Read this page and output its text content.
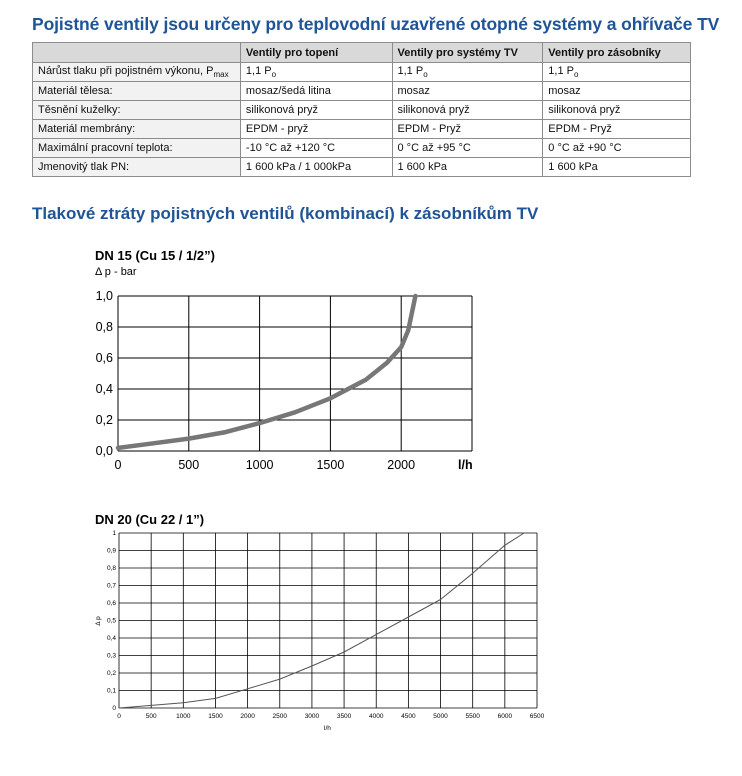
Pojistné ventily jsou určeny pro teplovodní uzavřené otopné systémy a ohřívače TV
	Ventily pro topení	Ventily pro systémy TV	Ventily pro zásobníky
Nárůst tlaku při pojistném výkonu, $P_{max}$	1,1 $P_o$	1,1 $P_o$	1,1 $P_o$
Materiál tělesa:	mosaz/šedá litina	mosaz	mosaz
Těsnění kuželky:	silikonová pryž	silikonová pryž	silikonová pryž
Materiál membrány:	EPDM - pryž	EPDM - Pryž	EPDM - Pryž
Maximální pracovní teplota:	-10 °C až +120 °C	0 °C až +95 °C	0 °C až +90 °C
Jmenovitý tlak PN:	1 600 kPa / 1 000kPa	1 600 kPa	1 600 kPa
Tlakové ztráty pojistných ventilů (kombinací) k zásobníkům TV
DN 15 (Cu 15 / 1/2”)
0	500	1000	1500	2000
0,0
0,2
0,4
0,6
0,8
1,0
l/h
Δ p - bar
DN 20 (Cu 22 / 1”)
0	500	1000	1500	2000	2500	3000	3500	4000	4500	5000	5500	6000	6500
0
0,1
0,2
0,3
0,4
0,5
0,6
0,7
0,8
0,9
1
l/h
Δ p
